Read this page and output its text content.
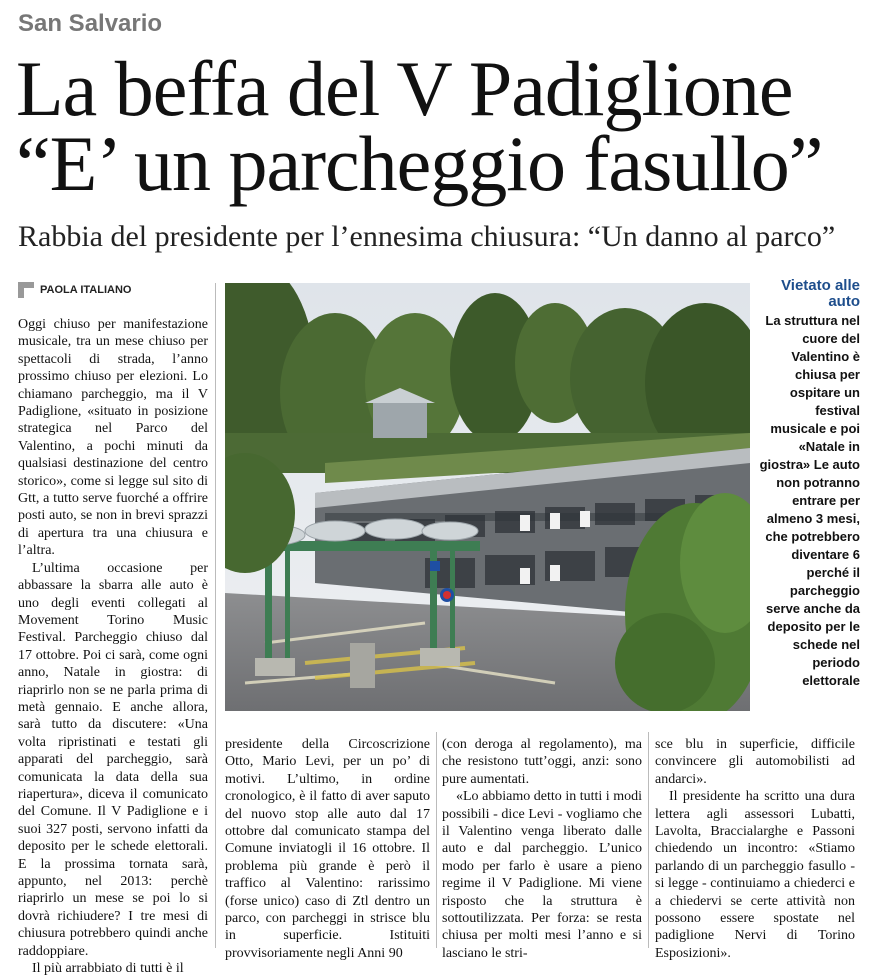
San Salvario
La beffa del V Padiglione
“E’ un parcheggio fasullo”
Rabbia del presidente per l’ennesima chiusura: “Un danno al parco”
PAOLA ITALIANO

Oggi chiuso per manifestazione musicale, tra un mese chiuso per spettacoli di strada, l’anno prossimo chiuso per elezioni. Lo chiamano parcheggio, ma il V Padiglione, «situato in posizione strategica nel Parco del Valentino, a pochi minuti da qualsiasi destinazione del centro storico», come si legge sul sito di Gtt, a tutto serve fuorché a offrire posti auto, se non in brevi sprazzi di apertura tra una chiusura e l’altra.

L’ultima occasione per abbassare la sbarra alle auto è uno degli eventi collegati al Movement Torino Music Festival. Parcheggio chiuso dal 17 ottobre. Poi ci sarà, come ogni anno, Natale in giostra: di riaprirlo non se ne parla prima di metà gennaio. E anche allora, sarà tutto da discutere: «Una volta ripristinati e testati gli apparati del parcheggio, sarà comunicata la data della sua riapertura», diceva il comunicato del Comune. Il V Padiglione e i suoi 327 posti, servono infatti da deposito per le schede elettorali. E la prossima tornata sarà, appunto, nel 2013: perchè riaprirlo un mese se poi lo si dovrà richiudere? I tre mesi di chiusura potrebbero quindi anche raddoppiare.

Il più arrabbiato di tutti è il

Vietato alle auto
La struttura nel cuore del Valentino è chiusa per ospitare un festival musicale e poi «Natale in giostra» Le auto non potranno entrare per almeno 3 mesi, che potrebbero diventare 6 perché il parcheggio serve anche da deposito per le schede nel periodo elettorale

presidente della Circoscrizione Otto, Mario Levi, per un po’ di motivi. L’ultimo, in ordine cronologico, è il fatto di aver saputo del nuovo stop alle auto dal 17 ottobre dal comunicato stampa del Comune inviatogli il 16 ottobre. Il problema più grande è però il traffico al Valentino: rarissimo (forse unico) caso di Ztl dentro un parco, con parcheggi in strisce blu in superficie. Istituiti provvisoriamente negli Anni 90

(con deroga al regolamento), ma che resistono tutt’oggi, anzi: sono pure aumentati.

«Lo abbiamo detto in tutti i modi possibili - dice Levi - vogliamo che il Valentino venga liberato dalle auto e dal parcheggio. L’unico modo per farlo è usare a pieno regime il V Padiglione. Mi viene risposto che la struttura è sottoutilizzata. Per forza: se resta chiusa per molti mesi l’anno e si lasciano le stri-

sce blu in superficie, difficile convincere gli automobilisti ad andarci».

Il presidente ha scritto una dura lettera agli assessori Lubatti, Lavolta, Braccialarghe e Passoni chiedendo un incontro: «Stiamo parlando di un parcheggio fasullo - si legge - continuiamo a chiederci e a chiedervi se certe attività non possono essere spostate nel padiglione Nervi di Torino Esposizioni».
